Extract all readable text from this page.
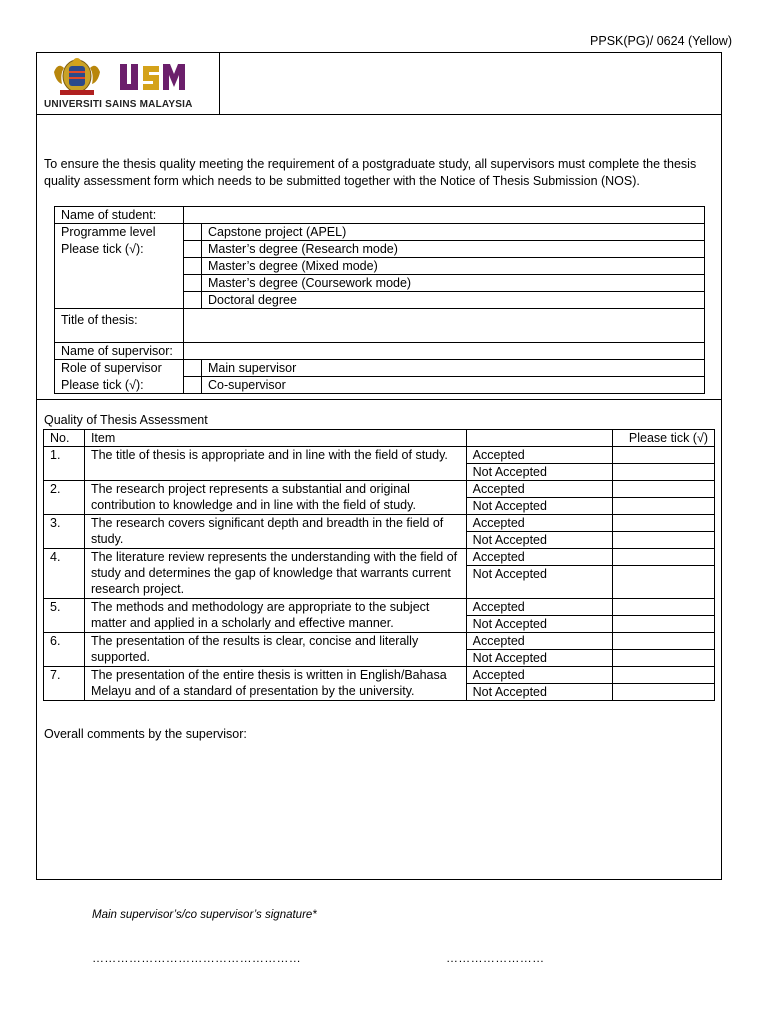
PPSK(PG)/ 0624 (Yellow)
UNIVERSITI SAINS MALAYSIA
To ensure the thesis quality meeting the requirement of a postgraduate study, all supervisors must complete the thesis quality assessment form which needs to be submitted together with the Notice of Thesis Submission (NOS).
Name of student:		
Programme level		Capstone project (APEL)
Please tick (√):		Master’s degree (Research mode)
		Master’s degree (Mixed mode)
		Master’s degree (Coursework mode)
		Doctoral degree
Title of thesis:		
Name of supervisor:		
Role of supervisor		Main supervisor
Please tick (√):		Co-supervisor
Quality of Thesis Assessment
No.	Item		Please tick (√)
1.	The title of thesis is appropriate and in line with the field of study.	Accepted	
		Not Accepted	
2.	The research project represents a substantial and original contribution to knowledge and in line with the field of study.	Accepted	
		Not Accepted	
3.	The research covers significant depth and breadth in the field of study.	Accepted	
		Not Accepted	
4.	The literature review represents the understanding with the field of study and determines the gap of knowledge that warrants current research project.	Accepted	
		Not Accepted	
5.	The methods and methodology are appropriate to the subject matter and applied in a scholarly and effective manner.	Accepted	
		Not Accepted	
6.	The presentation of the results is clear, concise and literally supported.	Accepted	
		Not Accepted	
7.	The presentation of the entire thesis is written in English/Bahasa Melayu and of a standard of presentation by the university.	Accepted	
		Not Accepted	
Overall comments by the supervisor:
Main supervisor’s/co supervisor’s signature*
……………………………………………	……………………
